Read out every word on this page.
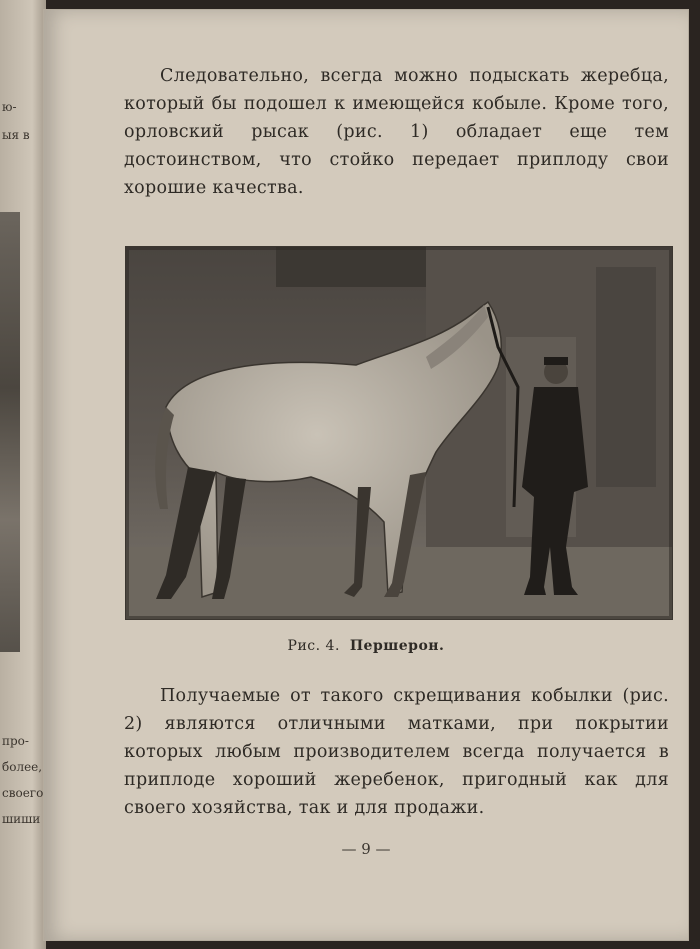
ю-
ыя в
про-
более,
своего
шиши

Следовательно, всегда можно подыскать жеребца, который бы подошел к имеющейся кобыле. Кроме того, орловский рысак (рис. 1) обладает еще тем достоинством, что стойко передает приплоду свои хорошие качества.

Рис. 4. Першерон.

Получаемые от такого скрещивания кобылки (рис. 2) являются отличными матками, при покрытии которых любым производителем всегда получается в приплоде хороший жеребенок, пригодный как для своего хозяйства, так и для продажи.

— 9 —
